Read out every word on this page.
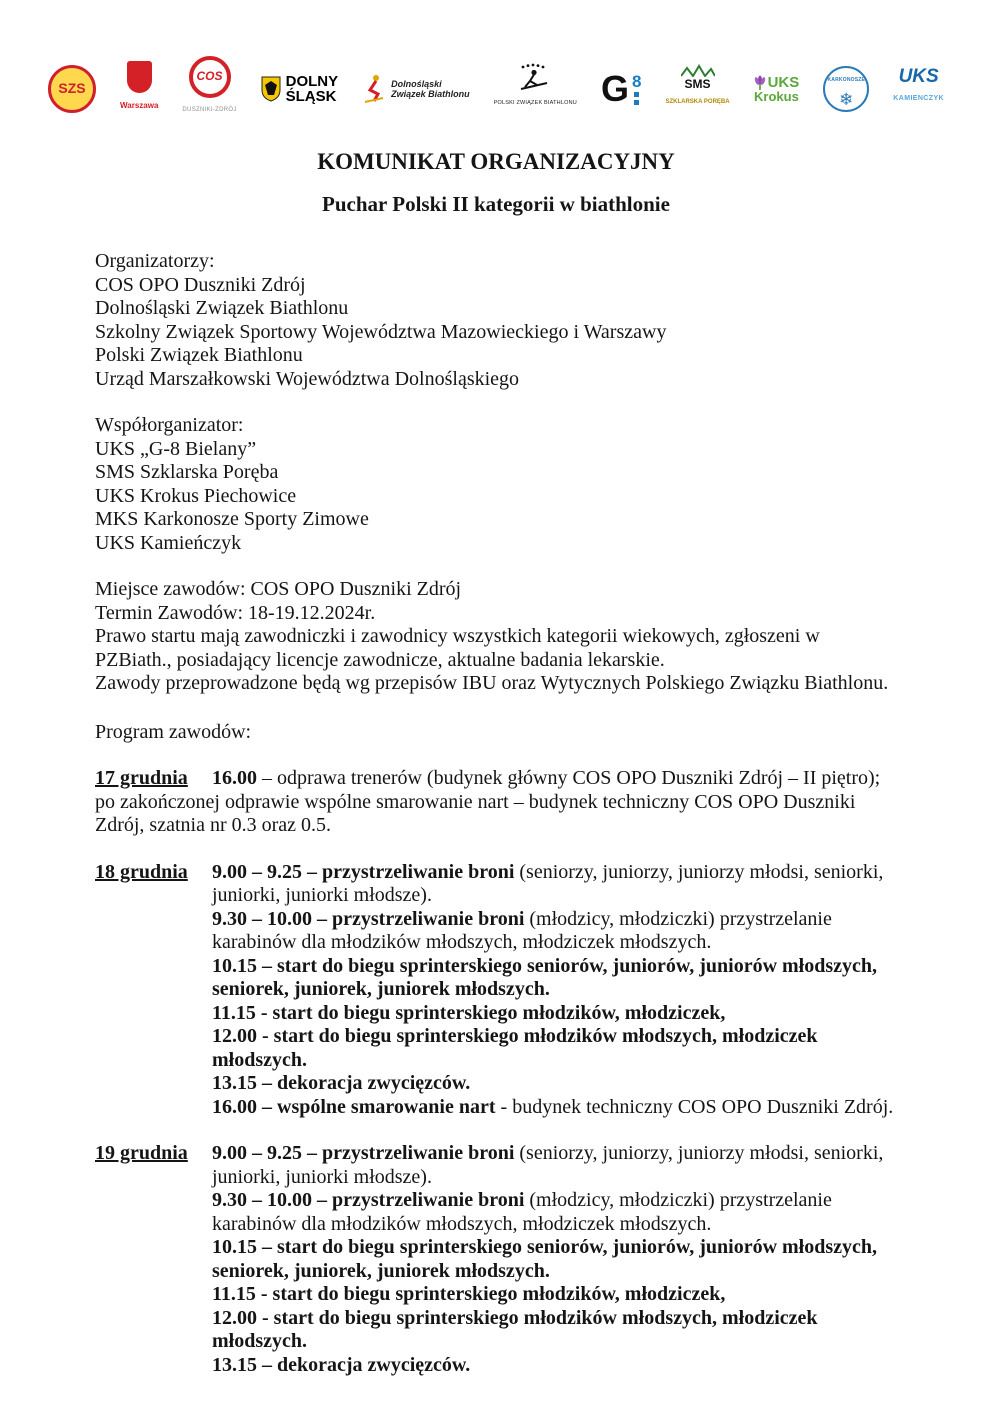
SZS
Warszawa
COS
DUSZNIKI-ZDRÓJ
DOLNY
ŚLĄSK
Dolnośląski
Związek Biathlonu
POLSKI ZWIĄZEK BIATHLONU G 8	SMS
SZKLARSKA PORĘBA
UKS
Krokus
KARKONOSZE
❄
UKS
KAMIENCZYK
KOMUNIKAT ORGANIZACYJNY
Puchar Polski II kategorii w biathlonie

Organizatorzy:

COS OPO Duszniki Zdrój

Dolnośląski Związek Biathlonu

Szkolny Związek Sportowy Województwa Mazowieckiego i Warszawy

Polski Związek Biathlonu

Urząd Marszałkowski Województwa Dolnośląskiego

Współorganizator:

UKS „G-8 Bielany”

SMS Szklarska Poręba

UKS Krokus Piechowice

MKS Karkonosze Sporty Zimowe

UKS Kamieńczyk

Miejsce zawodów: COS OPO Duszniki Zdrój

Termin Zawodów: 18-19.12.2024r.

Prawo startu mają zawodniczki i zawodnicy wszystkich kategorii wiekowych, zgłoszeni w PZBiath., posiadający licencje zawodnicze, aktualne badania lekarskie.

Zawody przeprowadzone będą wg przepisów IBU oraz Wytycznych Polskiego Związku Biathlonu.

Program zawodów:

17 grudnia 16.00 – odprawa trenerów (budynek główny COS OPO Duszniki Zdrój – II piętro); po zakończonej odprawie wspólne smarowanie nart – budynek techniczny COS OPO Duszniki Zdrój, szatnia nr 0.3 oraz 0.5.

18 grudnia	9.00 – 9.25 – przystrzeliwanie broni (seniorzy, juniorzy, juniorzy młodsi, seniorki, juniorki, juniorki młodsze).

9.30 – 10.00 – przystrzeliwanie broni (młodzicy, młodziczki) przystrzelanie karabinów dla młodzików młodszych, młodziczek młodszych.

10.15 – start do biegu sprinterskiego seniorów, juniorów, juniorów młodszych, seniorek, juniorek, juniorek młodszych.

11.15 - start do biegu sprinterskiego młodzików, młodziczek,

12.00 - start do biegu sprinterskiego młodzików młodszych, młodziczek młodszych.

13.15 – dekoracja zwycięzców.

16.00 – wspólne smarowanie nart - budynek techniczny COS OPO Duszniki Zdrój.

19 grudnia	9.00 – 9.25 – przystrzeliwanie broni (seniorzy, juniorzy, juniorzy młodsi, seniorki, juniorki, juniorki młodsze).

9.30 – 10.00 – przystrzeliwanie broni (młodzicy, młodziczki) przystrzelanie karabinów dla młodzików młodszych, młodziczek młodszych.

10.15 – start do biegu sprinterskiego seniorów, juniorów, juniorów młodszych, seniorek, juniorek, juniorek młodszych.

11.15 - start do biegu sprinterskiego młodzików, młodziczek,

12.00 - start do biegu sprinterskiego młodzików młodszych, młodziczek młodszych.

13.15 – dekoracja zwycięzców.
